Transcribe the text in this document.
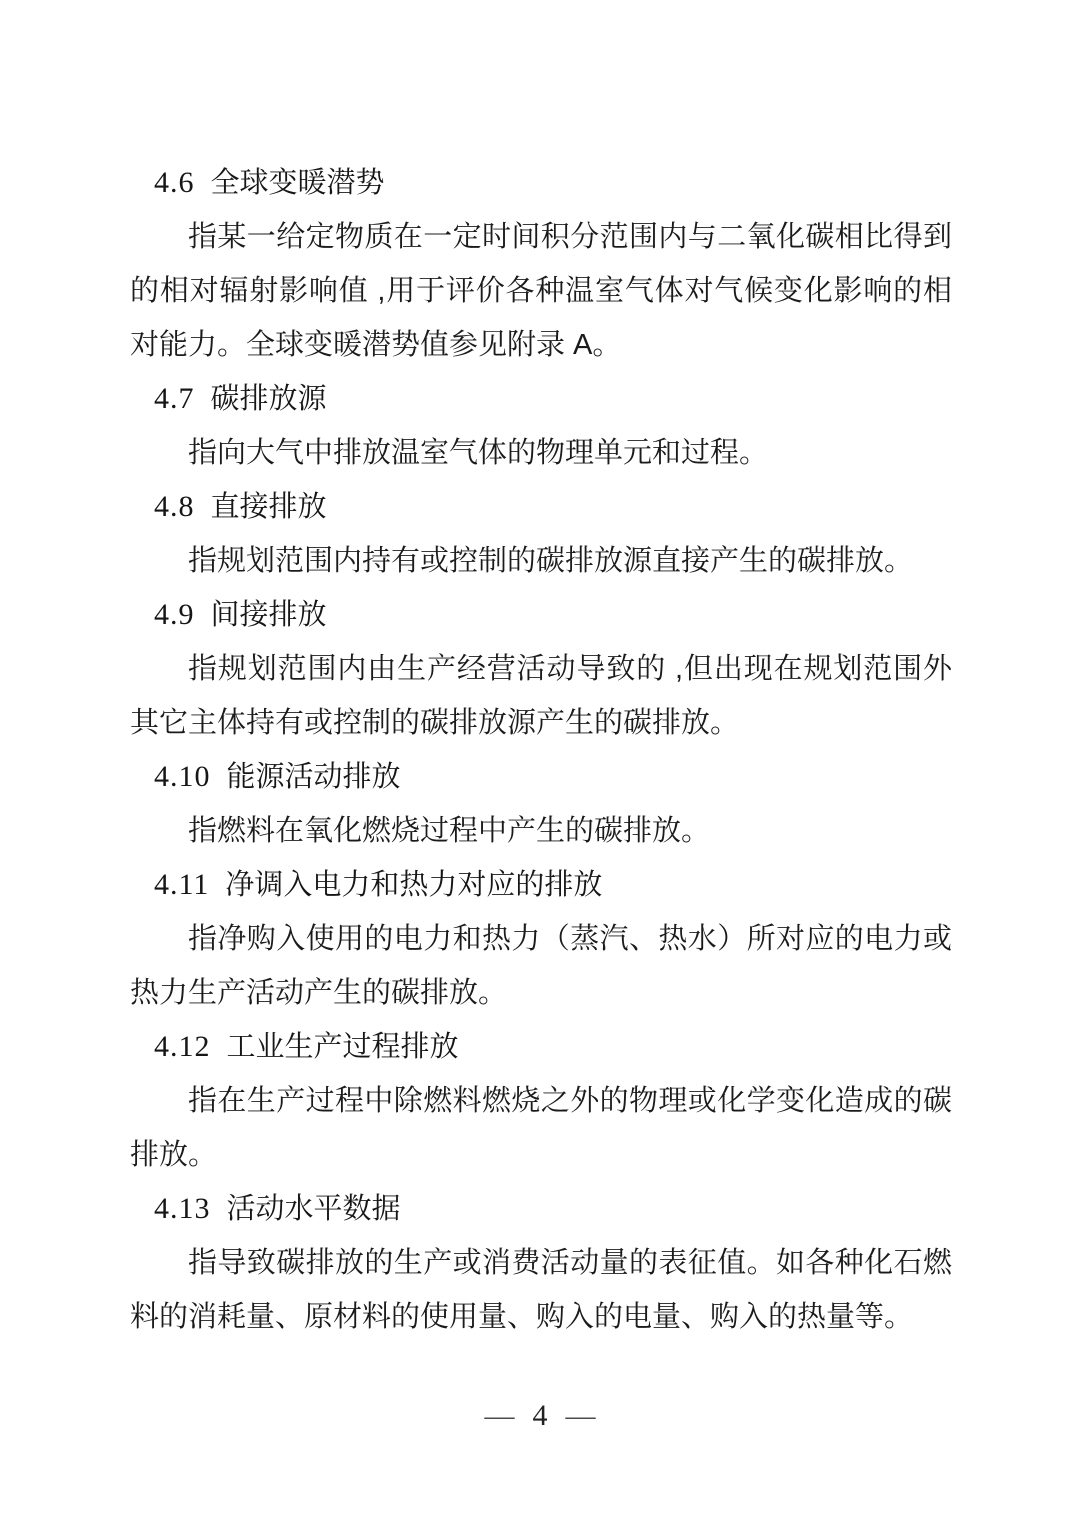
4.6 全球变暖潜势

指某一给定物质在一定时间积分范围内与二氧化碳相比得到的相对辐射影响值 ,用于评价各种温室气体对气候变化影响的相对能力。全球变暖潜势值参见附录 A。

4.7 碳排放源

指向大气中排放温室气体的物理单元和过程。

4.8 直接排放

指规划范围内持有或控制的碳排放源直接产生的碳排放。

4.9 间接排放

指规划范围内由生产经营活动导致的 ,但出现在规划范围外其它主体持有或控制的碳排放源产生的碳排放。

4.10 能源活动排放

指燃料在氧化燃烧过程中产生的碳排放。

4.11 净调入电力和热力对应的排放

指净购入使用的电力和热力（蒸汽、热水）所对应的电力或热力生产活动产生的碳排放。

4.12 工业生产过程排放

指在生产过程中除燃料燃烧之外的物理或化学变化造成的碳排放。

4.13 活动水平数据

指导致碳排放的生产或消费活动量的表征值。如各种化石燃料的消耗量、原材料的使用量、购入的电量、购入的热量等。

— 4 —
